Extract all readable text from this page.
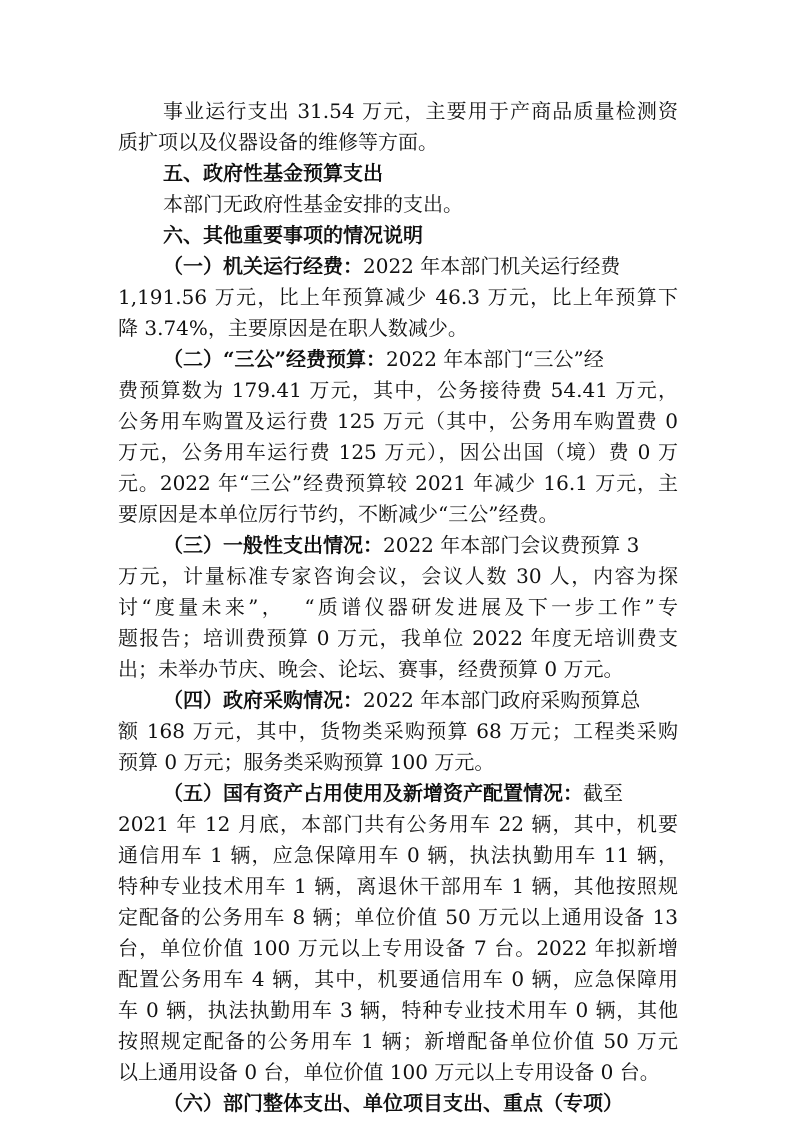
事业运行支出 31.54 万元，主要用于产商品质量检测资
质扩项以及仪器设备的维修等方面。
五、政府性基金预算支出
本部门无政府性基金安排的支出。
六、其他重要事项的情况说明
（一）机关运行经费：2022 年本部门机关运行经费
1,191.56 万元，比上年预算减少 46.3 万元，比上年预算下
降 3.74%，主要原因是在职人数减少。
（二）“三公”经费预算：2022 年本部门“三公”经
费预算数为 179.41 万元，其中，公务接待费 54.41 万元，
公务用车购置及运行费 125 万元（其中，公务用车购置费 0
万元，公务用车运行费 125 万元），因公出国（境）费 0 万
元。2022 年“三公”经费预算较 2021 年减少 16.1 万元，主
要原因是本单位厉行节约，不断减少“三公”经费。
（三）一般性支出情况：2022 年本部门会议费预算 3
万元，计量标准专家咨询会议，会议人数 30 人，内容为探
讨“度量未来”，  “质谱仪器研发进展及下一步工作”专
题报告；培训费预算 0 万元，我单位 2022 年度无培训费支
出；未举办节庆、晚会、论坛、赛事，经费预算 0 万元。
（四）政府采购情况：2022 年本部门政府采购预算总
额 168 万元，其中，货物类采购预算 68 万元；工程类采购
预算 0 万元；服务类采购预算 100 万元。
（五）国有资产占用使用及新增资产配置情况：截至
2021 年 12 月底，本部门共有公务用车 22 辆，其中，机要
通信用车 1 辆，应急保障用车 0 辆，执法执勤用车 11 辆，
特种专业技术用车 1 辆，离退休干部用车 1 辆，其他按照规
定配备的公务用车 8 辆；单位价值 50 万元以上通用设备 13
台，单位价值 100 万元以上专用设备 7 台。2022 年拟新增
配置公务用车 4 辆，其中，机要通信用车 0 辆，应急保障用
车 0 辆，执法执勤用车 3 辆，特种专业技术用车 0 辆，其他
按照规定配备的公务用车 1 辆；新增配备单位价值 50 万元
以上通用设备 0 台，单位价值 100 万元以上专用设备 0 台。
（六）部门整体支出、单位项目支出、重点（专项）
